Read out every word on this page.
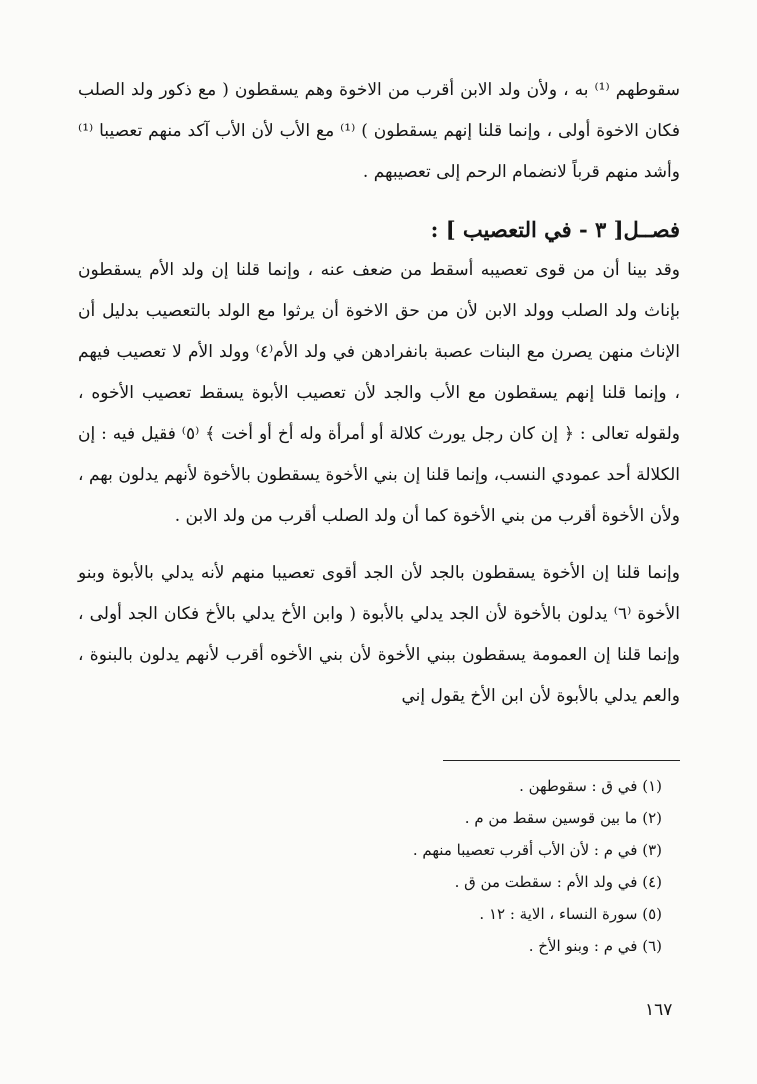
سقوطهم ⁽¹⁾ به ، ولأن ولد الابن أقرب من الاخوة وهم يسقطون ( مع ذكور ولد الصلب فكان الاخوة أولى ، وإنما قلنا إنهم يسقطون ) ⁽¹⁾ مع الأب لأن الأب آكد منهم تعصيبا ⁽¹⁾ وأشد منهم قرباً لانضمام الرحم إلى تعصيبهم .

فصــل[ ٣ - في التعصيب ] :

وقد بينا أن من قوى تعصيبه أسقط من ضعف عنه ، وإنما قلنا إن ولد الأم يسقطون بإناث ولد الصلب وولد الابن لأن من حق الاخوة أن يرثوا مع الولد بالتعصيب بدليل أن الإناث منهن يصرن مع البنات عصبة بانفرادهن في ولد الأم⁽٤⁾ وولد الأم لا تعصيب فيهم ، وإنما قلنا إنهم يسقطون مع الأب والجد لأن تعصيب الأبوة يسقط تعصيب الأخوه ، ولقوله تعالى : ﴿ إن كان رجل يورث كلالة أو أمرأة وله أخ أو أخت ﴾ ⁽٥⁾ فقيل فيه : إن الكلالة أحد عمودي النسب، وإنما قلنا إن بني الأخوة يسقطون بالأخوة لأنهم يدلون بهم ، ولأن الأخوة أقرب من بني الأخوة كما أن ولد الصلب أقرب من ولد الابن .

وإنما قلنا إن الأخوة يسقطون بالجد لأن الجد أقوى تعصيبا منهم لأنه يدلي بالأبوة وبنو الأخوة ⁽٦⁾ يدلون بالأخوة لأن الجد يدلي بالأبوة ( وابن الأخ يدلي بالأخ فكان الجد أولى ، وإنما قلنا إن العمومة يسقطون ببني الأخوة لأن بني الأخوه أقرب لأنهم يدلون بالبنوة ، والعم يدلي بالأبوة لأن ابن الأخ يقول إني

(١) في ق : سقوطهن .
(٢) ما بين قوسين سقط من م .
(٣) في م : لأن الأب أقرب تعصيبا منهم .
(٤) في ولد الأم : سقطت من ق .
(٥) سورة النساء ، الاية : ١٢ .
(٦) في م : وبنو الأخ .
١٦٧
